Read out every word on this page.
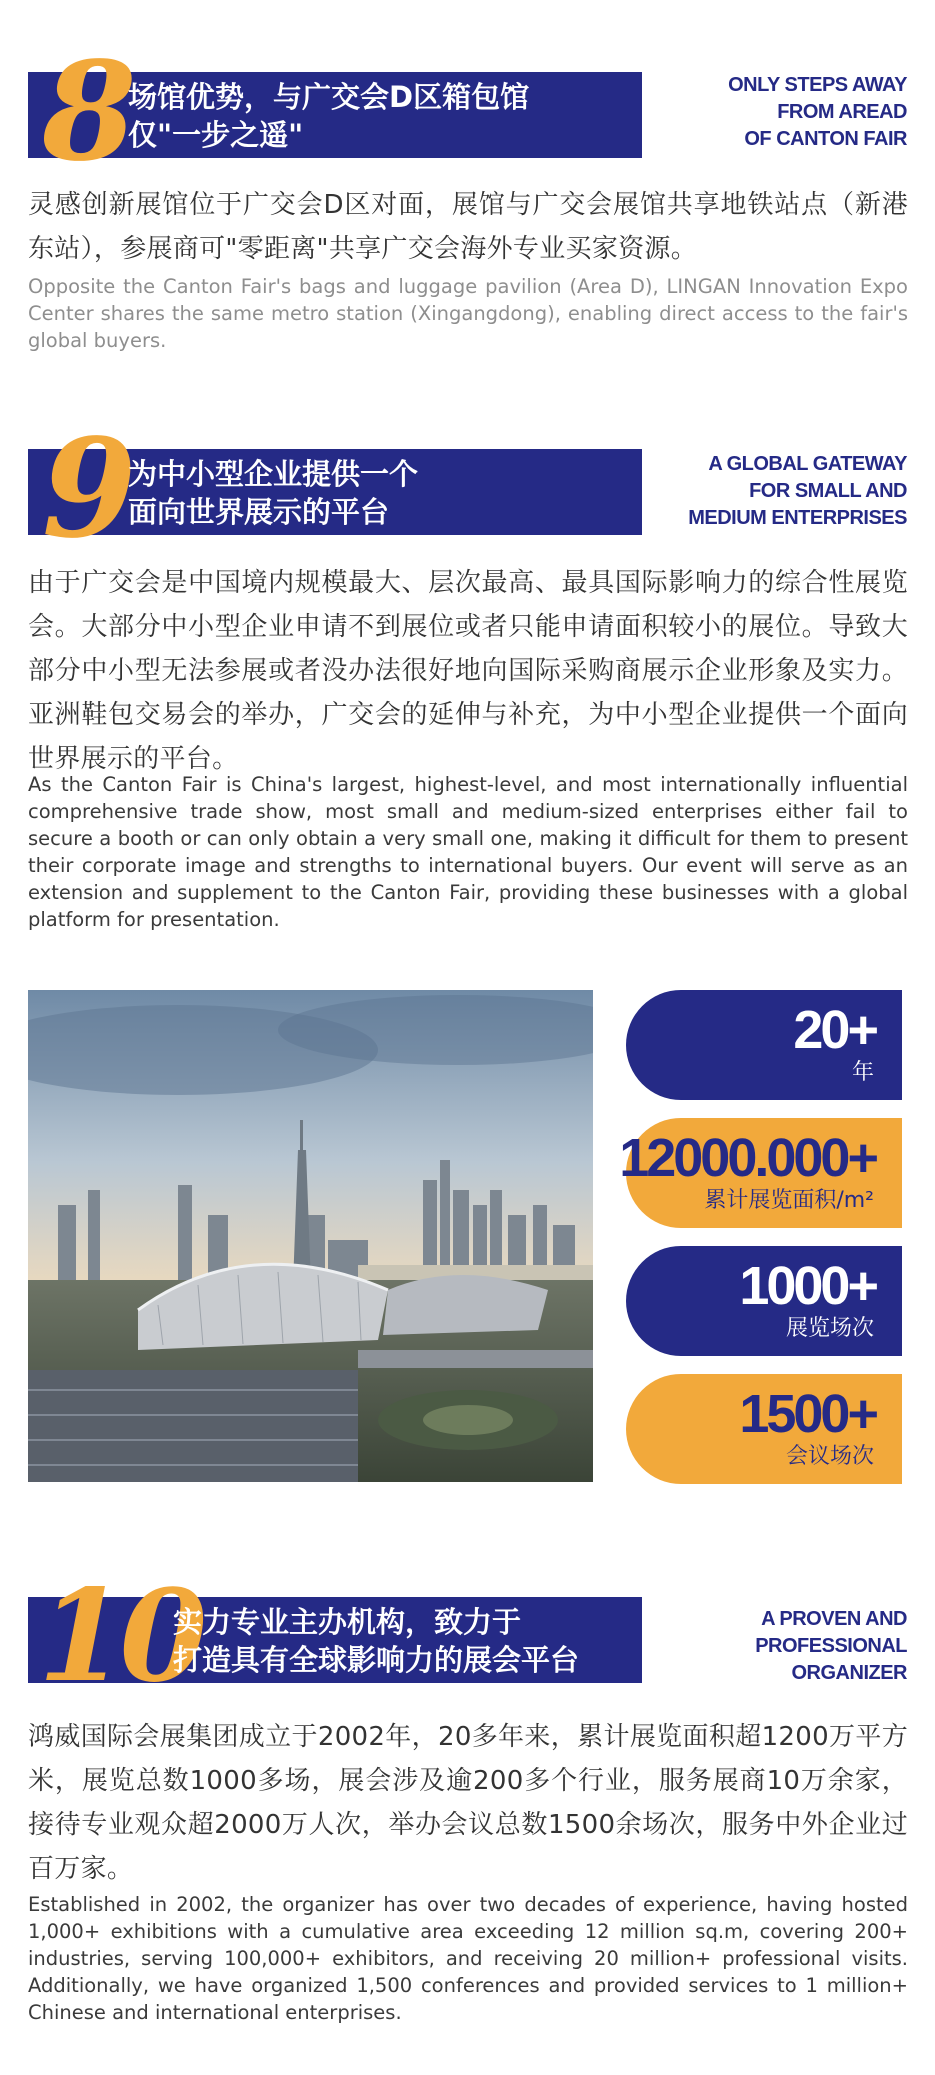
8
场馆优势，与广交会D区箱包馆
仅"一步之遥"
ONLY STEPS AWAY
FROM AREAD
OF CANTON FAIR
灵感创新展馆位于广交会D区对面，展馆与广交会展馆共享地铁站点（新港东站），参展商可"零距离"共享广交会海外专业买家资源。
Opposite the Canton Fair's bags and luggage pavilion (Area D), LINGAN Innovation Expo Center shares the same metro station (Xingangdong), enabling direct access to the fair's global buyers.
9
为中小型企业提供一个
面向世界展示的平台
A GLOBAL GATEWAY
FOR SMALL AND
MEDIUM ENTERPRISES
由于广交会是中国境内规模最大、层次最高、最具国际影响力的综合性展览会。大部分中小型企业申请不到展位或者只能申请面积较小的展位。导致大部分中小型无法参展或者没办法很好地向国际采购商展示企业形象及实力。亚洲鞋包交易会的举办，广交会的延伸与补充，为中小型企业提供一个面向世界展示的平台。
As the Canton Fair is China's largest, highest-level, and most internationally influential comprehensive trade show, most small and medium-sized enterprises either fail to secure a booth or can only obtain a very small one, making it difficult for them to present their corporate image and strengths to international buyers. Our event will serve as an extension and supplement to the Canton Fair, providing these businesses with a global platform for presentation.
20+
年
12000.000+
累计展览面积/m²
1000+
展览场次
1500+
会议场次
10
实力专业主办机构，致力于
打造具有全球影响力的展会平台
A PROVEN AND
PROFESSIONAL
ORGANIZER
鸿威国际会展集团成立于2002年，20多年来，累计展览面积超1200万平方米，展览总数1000多场，展会涉及逾200多个行业，服务展商10万余家，接待专业观众超2000万人次，举办会议总数1500余场次，服务中外企业过百万家。
Established in 2002, the organizer has over two decades of experience, having hosted 1,000+ exhibitions with a cumulative area exceeding 12 million sq.m, covering 200+ industries, serving 100,000+ exhibitors, and receiving 20 million+ professional visits. Additionally, we have organized 1,500 conferences and provided services to 1 million+ Chinese and international enterprises.
